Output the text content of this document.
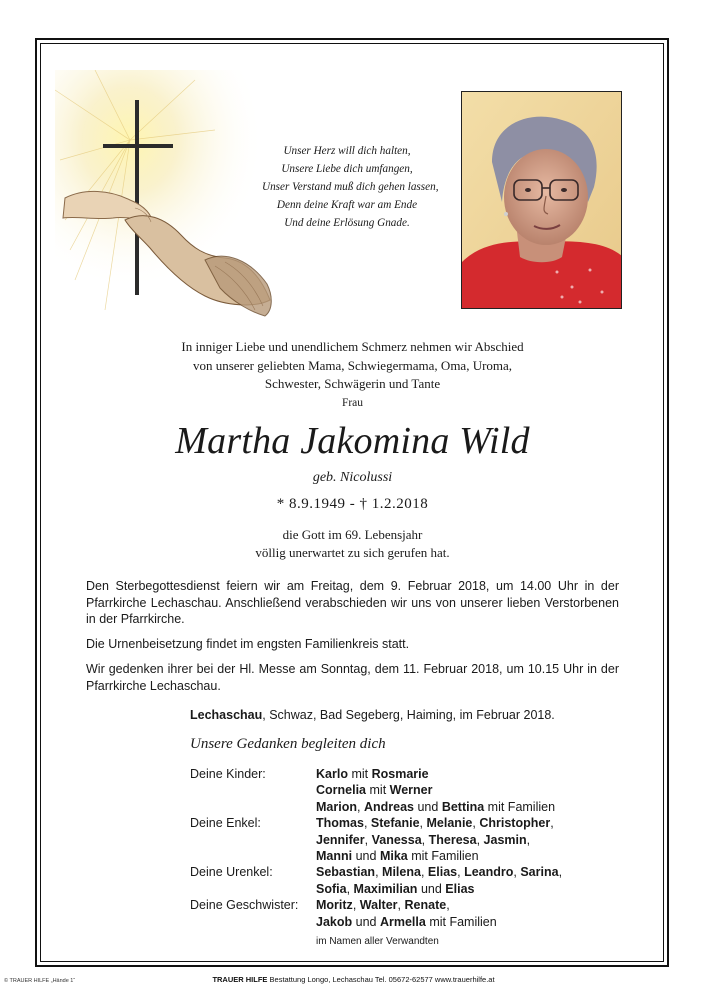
Unser Herz will dich halten,
Unsere Liebe dich umfangen,
Unser Verstand muß dich gehen lassen,
Denn deine Kraft war am Ende
Und deine Erlösung Gnade.
In inniger Liebe und unendlichem Schmerz nehmen wir Abschied
von unserer geliebten Mama, Schwiegermama, Oma, Uroma,
Schwester, Schwägerin und Tante
Frau
Martha Jakomina Wild
geb. Nicolussi
* 8.9.1949 - † 1.2.2018
die Gott im 69. Lebensjahr
völlig unerwartet zu sich gerufen hat.

Den Sterbegottesdienst feiern wir am Freitag, dem 9. Februar 2018, um 14.00 Uhr in der Pfarrkirche Lechaschau. Anschließend verabschieden wir uns von unserer lieben Verstorbenen in der Pfarrkirche.

Die Urnenbeisetzung findet im engsten Familienkreis statt.

Wir gedenken ihrer bei der Hl. Messe am Sonntag, dem 11. Februar 2018, um 10.15 Uhr in der Pfarrkirche Lechaschau.

Lechaschau, Schwaz, Bad Segeberg, Haiming, im Februar 2018.
Unsere Gedanken begleiten dich
Deine Kinder:	Karlo mit Rosmarie
Cornelia mit Werner
Marion, Andreas und Bettina mit Familien
Deine Enkel:	Thomas, Stefanie, Melanie, Christopher,
Jennifer, Vanessa, Theresa, Jasmin,
Manni und Mika mit Familien
Deine Urenkel:	Sebastian, Milena, Elias, Leandro, Sarina,
Sofia, Maximilian und Elias
Deine Geschwister:	Moritz, Walter, Renate,
Jakob und Armella mit Familien
im Namen aller Verwandten
© TRAUER HILFE „Hände 1“	TRAUER HILFE Bestattung Longo, Lechaschau Tel. 05672-62577 www.trauerhilfe.at
